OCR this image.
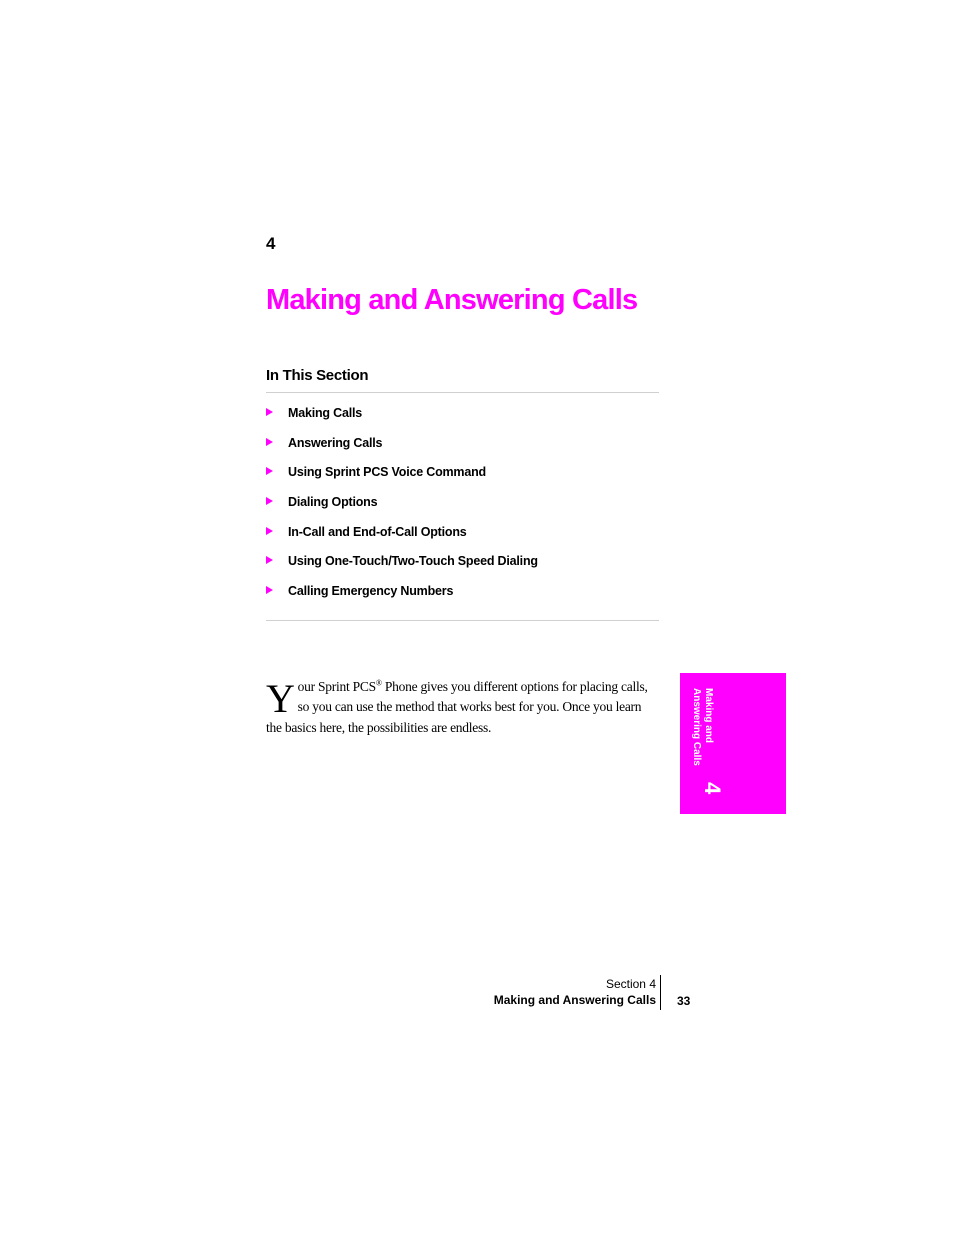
4
Making and Answering Calls
In This Section
Making Calls
Answering Calls
Using Sprint PCS Voice Command
Dialing Options
In-Call and End-of-Call Options
Using One-Touch/Two-Touch Speed Dialing
Calling Emergency Numbers

Your Sprint PCS® Phone gives you different options for placing calls, so you can use the method that works best for you. Once you learn the basics here, the possibilities are endless.

Making and
Answering Calls
4
Section 4
Making and Answering Calls 33
